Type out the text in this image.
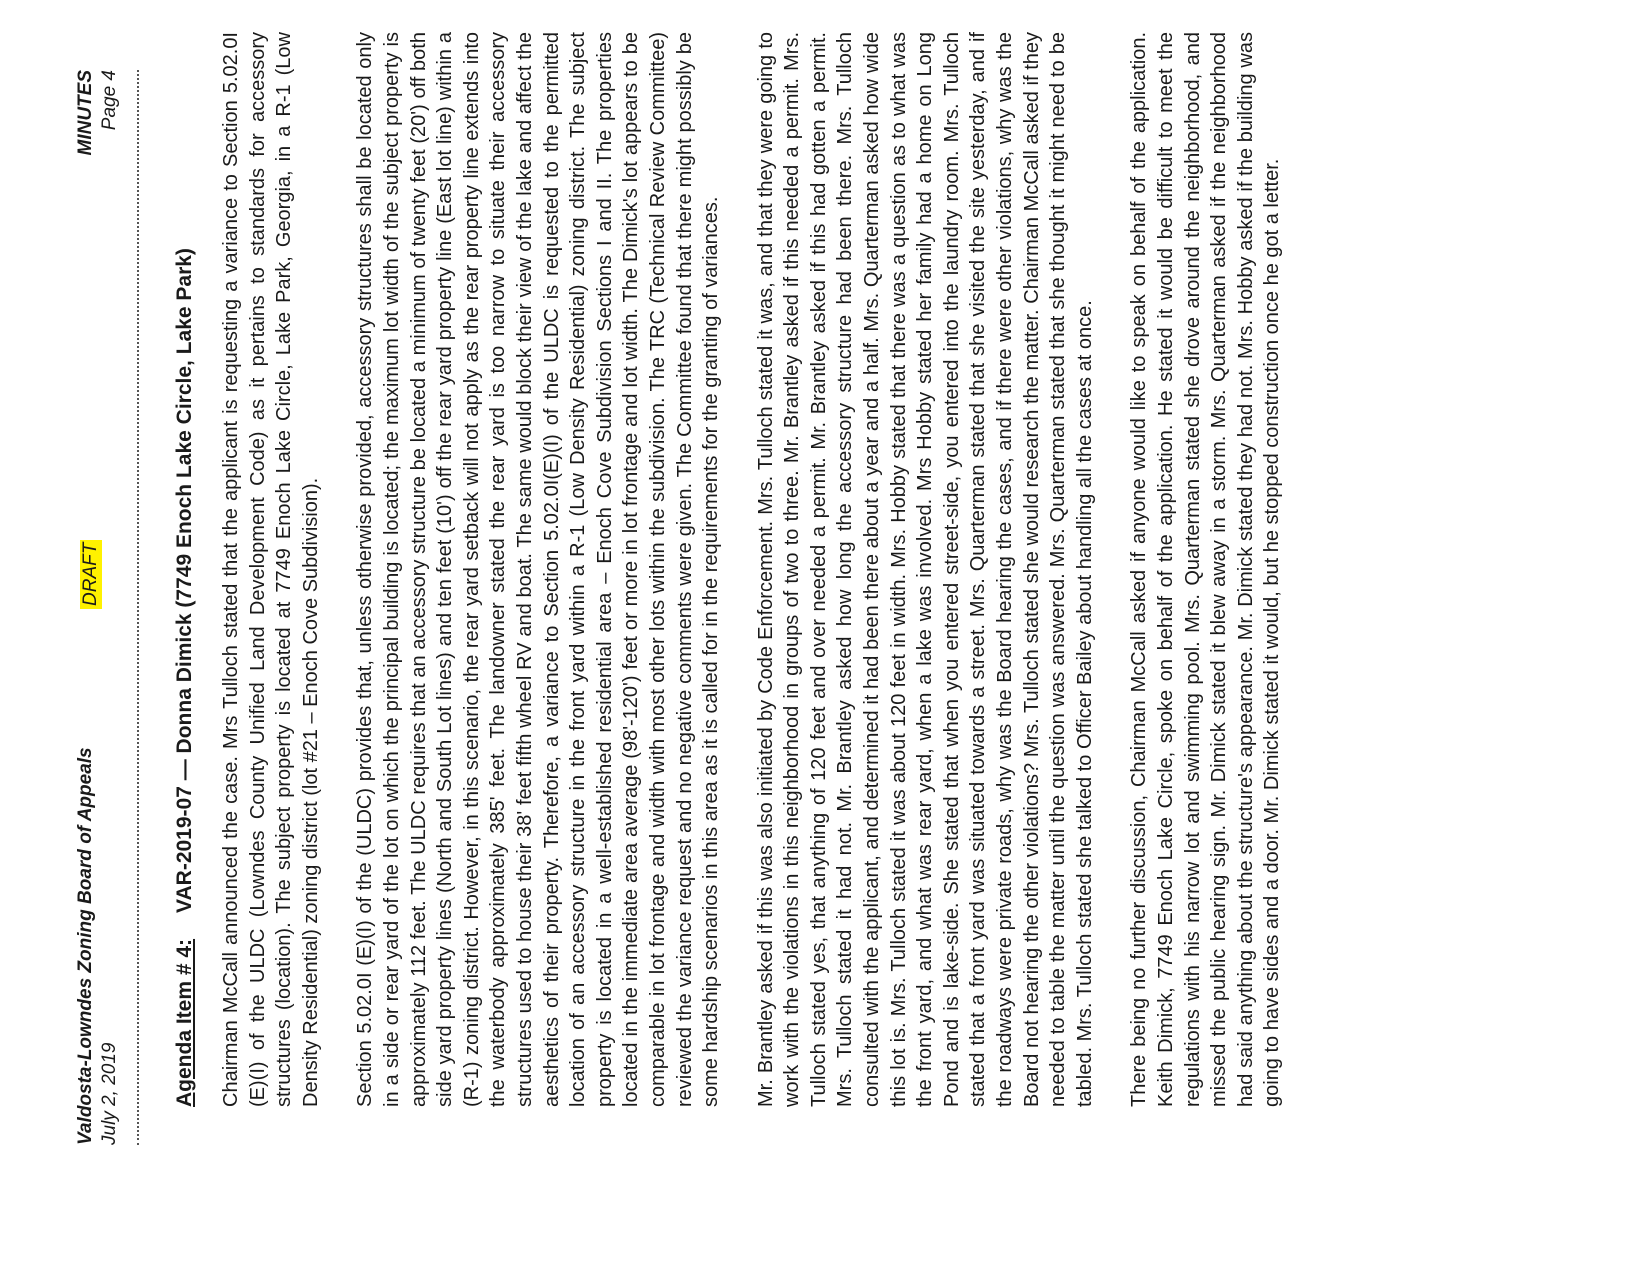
Valdosta-Lowndes Zoning Board of Appeals July 2, 2019
DRAFT
MINUTES Page 4
Agenda Item # 4:VAR-2019-07 — Donna Dimick (7749 Enoch Lake Circle, Lake Park) Chairman McCall announced the case. Mrs Tulloch stated that the applicant is requesting a variance to Section 5.02.0I (E)(I) of the ULDC (Lowndes County Unified Land Development Code) as it pertains to standards for accessory structures (location). The subject property is located at 7749 Enoch Lake Circle, Lake Park, Georgia, in a R-1 (Low Density Residential) zoning district (lot #21 – Enoch Cove Subdivision). Section 5.02.0I (E)(I) of the (ULDC) provides that, unless otherwise provided, accessory structures shall be located only in a side or rear yard of the lot on which the principal building is located; the maximum lot width of the subject property is approximately 112 feet. The ULDC requires that an accessory structure be located a minimum of twenty feet (20') off both side yard property lines (North and South Lot lines) and ten feet (10') off the rear yard property line (East lot line) within a (R-1) zoning district. However, in this scenario, the rear yard setback will not apply as the rear property line extends into the waterbody approximately 385' feet. The landowner stated the rear yard is too narrow to situate their accessory structures used to house their 38' feet fifth wheel RV and boat. The same would block their view of the lake and affect the aesthetics of their property. Therefore, a variance to Section 5.02.0I(E)(I) of the ULDC is requested to the permitted location of an accessory structure in the front yard within a R-1 (Low Density Residential) zoning district. The subject property is located in a well-established residential area – Enoch Cove Subdivision Sections I and II. The properties located in the immediate area average (98'-120') feet or more in lot frontage and lot width. The Dimick's lot appears to be comparable in lot frontage and width with most other lots within the subdivision. The TRC (Technical Review Committee) reviewed the variance request and no negative comments were given. The Committee found that there might possibly be some hardship scenarios in this area as it is called for in the requirements for the granting of variances. Mr. Brantley asked if this was also initiated by Code Enforcement. Mrs. Tulloch stated it was, and that they were going to work with the violations in this neighborhood in groups of two to three. Mr. Brantley asked if this needed a permit. Mrs. Tulloch stated yes, that anything of 120 feet and over needed a permit. Mr. Brantley asked if this had gotten a permit. Mrs. Tulloch stated it had not. Mr. Brantley asked how long the accessory structure had been there. Mrs. Tulloch consulted with the applicant, and determined it had been there about a year and a half. Mrs. Quarterman asked how wide this lot is. Mrs. Tulloch stated it was about 120 feet in width. Mrs. Hobby stated that there was a question as to what was the front yard, and what was rear yard, when a lake was involved. Mrs Hobby stated her family had a home on Long Pond and is lake-side. She stated that when you entered street-side, you entered into the laundry room. Mrs. Tulloch stated that a front yard was situated towards a street. Mrs. Quarterman stated that she visited the site yesterday, and if the roadways were private roads, why was the Board hearing the cases, and if there were other violations, why was the Board not hearing the other violations? Mrs. Tulloch stated she would research the matter. Chairman McCall asked if they needed to table the matter until the question was answered. Mrs. Quarterman stated that she thought it might need to be tabled. Mrs. Tulloch stated she talked to Officer Bailey about handling all the cases at once. There being no further discussion, Chairman McCall asked if anyone would like to speak on behalf of the application. Keith Dimick, 7749 Enoch Lake Circle, spoke on behalf of the application. He stated it would be difficult to meet the regulations with his narrow lot and swimming pool. Mrs. Quarterman stated she drove around the neighborhood, and missed the public hearing sign. Mr. Dimick stated it blew away in a storm. Mrs. Quarterman asked if the neighborhood had said anything about the structure's appearance. Mr. Dimick stated they had not. Mrs. Hobby asked if the building was going to have sides and a door. Mr. Dimick stated it would, but he stopped construction once he got a letter.
